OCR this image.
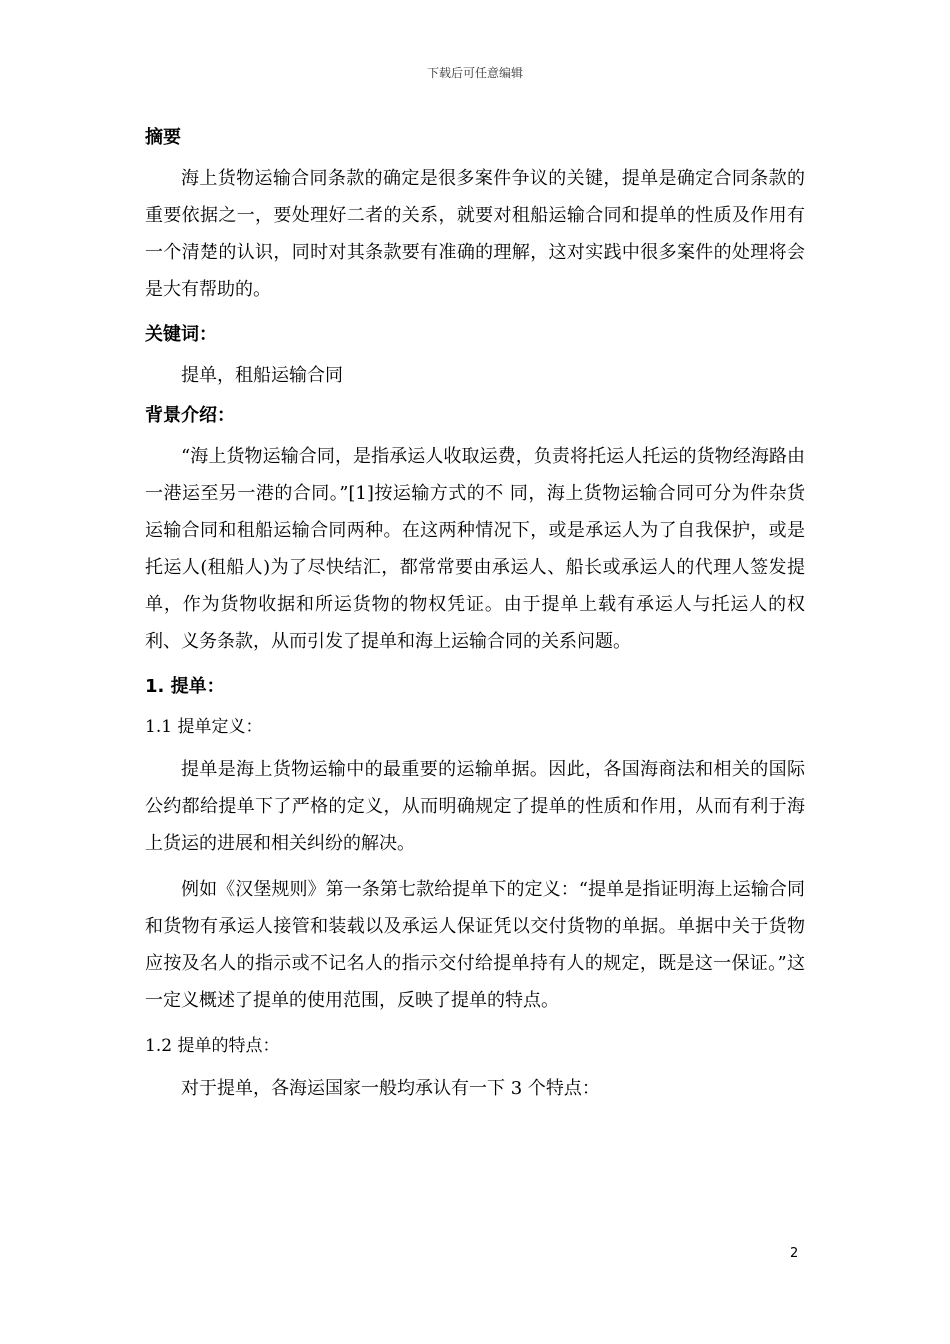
下载后可任意编辑
摘要
海上货物运输合同条款的确定是很多案件争议的关键，提单是确定合同条款的重要依据之一，要处理好二者的关系，就要对租船运输合同和提单的性质及作用有一个清楚的认识，同时对其条款要有准确的理解，这对实践中很多案件的处理将会是大有帮助的。
关键词：
提单，租船运输合同
背景介绍：
“海上货物运输合同，是指承运人收取运费，负责将托运人托运的货物经海路由一港运至另一港的合同。”[1]按运输方式的不 同，海上货物运输合同可分为件杂货运输合同和租船运输合同两种。在这两种情况下，或是承运人为了自我保护，或是托运人(租船人)为了尽快结汇，都常常要由承运人、船长或承运人的代理人签发提单，作为货物收据和所运货物的物权凭证。由于提单上载有承运人与托运人的权利、义务条款，从而引发了提单和海上运输合同的关系问题。
1. 提单：
1.1 提单定义：
提单是海上货物运输中的最重要的运输单据。因此，各国海商法和相关的国际公约都给提单下了严格的定义，从而明确规定了提单的性质和作用，从而有利于海上货运的进展和相关纠纷的解决。
例如《汉堡规则》第一条第七款给提单下的定义：“提单是指证明海上运输合同和货物有承运人接管和装载以及承运人保证凭以交付货物的单据。单据中关于货物应按及名人的指示或不记名人的指示交付给提单持有人的规定，既是这一保证。”这一定义概述了提单的使用范围，反映了提单的特点。
1.2 提单的特点：
对于提单，各海运国家一般均承认有一下 3 个特点：
2
